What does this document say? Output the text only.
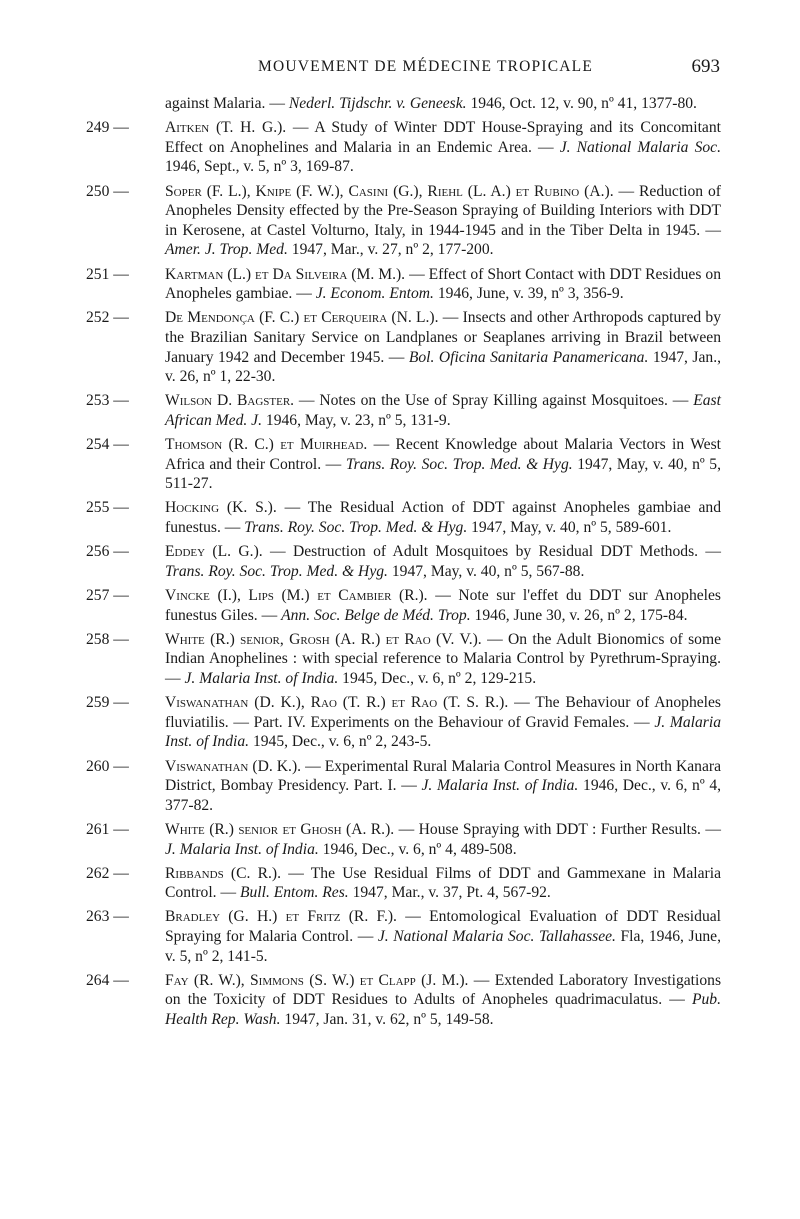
MOUVEMENT DE MÉDECINE TROPICALE	693
against Malaria. — Nederl. Tijdschr. v. Geneesk. 1946, Oct. 12, v. 90, nº 41, 1377-80.
249 — Aitken (T. H. G.). — A Study of Winter DDT House-Spraying and its Concomitant Effect on Anophelines and Malaria in an Endemic Area. — J. National Malaria Soc. 1946, Sept., v. 5, nº 3, 169-87.
250 — Soper (F. L.), Knipe (F. W.), Casini (G.), Riehl (L. A.) et Rubino (A.). — Reduction of Anopheles Density effected by the Pre-Season Spraying of Building Interiors with DDT in Kerosene, at Castel Volturno, Italy, in 1944-1945 and in the Tiber Delta in 1945. — Amer. J. Trop. Med. 1947, Mar., v. 27, nº 2, 177-200.
251 — Kartman (L.) et Da Silveira (M. M.). — Effect of Short Contact with DDT Residues on Anopheles gambiae. — J. Econom. Entom. 1946, June, v. 39, nº 3, 356-9.
252 — De Mendonça (F. C.) et Cerqueira (N. L.). — Insects and other Arthropods captured by the Brazilian Sanitary Service on Landplanes or Seaplanes arriving in Brazil between January 1942 and December 1945. — Bol. Oficina Sanitaria Panamericana. 1947, Jan., v. 26, nº 1, 22-30.
253 — Wilson D. Bagster. — Notes on the Use of Spray Killing against Mosquitoes. — East African Med. J. 1946, May, v. 23, nº 5, 131-9.
254 — Thomson (R. C.) et Muirhead. — Recent Knowledge about Malaria Vectors in West Africa and their Control. — Trans. Roy. Soc. Trop. Med. & Hyg. 1947, May, v. 40, nº 5, 511-27.
255 — Hocking (K. S.). — The Residual Action of DDT against Anopheles gambiae and funestus. — Trans. Roy. Soc. Trop. Med. & Hyg. 1947, May, v. 40, nº 5, 589-601.
256 — Eddey (L. G.). — Destruction of Adult Mosquitoes by Residual DDT Methods. — Trans. Roy. Soc. Trop. Med. & Hyg. 1947, May, v. 40, nº 5, 567-88.
257 — Vincke (I.), Lips (M.) et Cambier (R.). — Note sur l'effet du DDT sur Anopheles funestus Giles. — Ann. Soc. Belge de Méd. Trop. 1946, June 30, v. 26, nº 2, 175-84.
258 — White (R.) senior, Grosh (A. R.) et Rao (V. V.). — On the Adult Bionomics of some Indian Anophelines : with special reference to Malaria Control by Pyrethrum-Spraying. — J. Malaria Inst. of India. 1945, Dec., v. 6, nº 2, 129-215.
259 — Viswanathan (D. K.), Rao (T. R.) et Rao (T. S. R.). — The Behaviour of Anopheles fluviatilis. — Part. IV. Experiments on the Behaviour of Gravid Females. — J. Malaria Inst. of India. 1945, Dec., v. 6, nº 2, 243-5.
260 — Viswanathan (D. K.). — Experimental Rural Malaria Control Measures in North Kanara District, Bombay Presidency. Part. I. — J. Malaria Inst. of India. 1946, Dec., v. 6, nº 4, 377-82.
261 — White (R.) senior et Ghosh (A. R.). — House Spraying with DDT : Further Results. — J. Malaria Inst. of India. 1946, Dec., v. 6, nº 4, 489-508.
262 — Ribbands (C. R.). — The Use Residual Films of DDT and Gammexane in Malaria Control. — Bull. Entom. Res. 1947, Mar., v. 37, Pt. 4, 567-92.
263 — Bradley (G. H.) et Fritz (R. F.). — Entomological Evaluation of DDT Residual Spraying for Malaria Control. — J. National Malaria Soc. Tallahassee. Fla, 1946, June, v. 5, nº 2, 141-5.
264 — Fay (R. W.), Simmons (S. W.) et Clapp (J. M.). — Extended Laboratory Investigations on the Toxicity of DDT Residues to Adults of Anopheles quadrimaculatus. — Pub. Health Rep. Wash. 1947, Jan. 31, v. 62, nº 5, 149-58.
